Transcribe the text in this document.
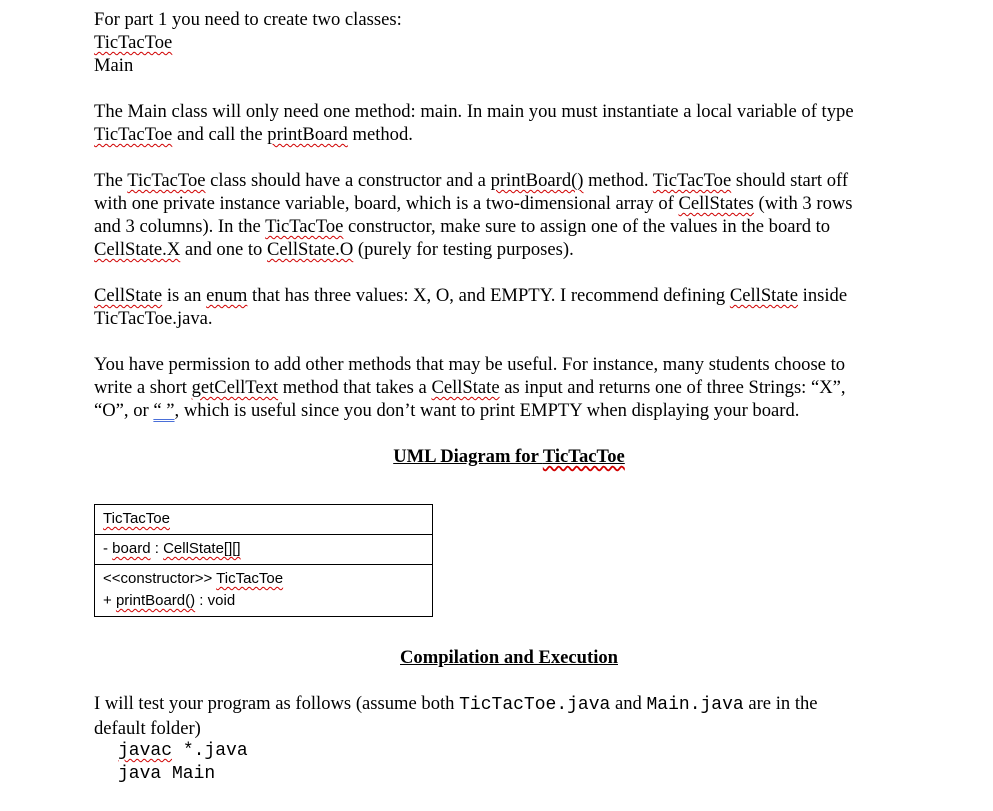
For part 1 you need to create two classes:

TicTacToe

Main

The Main class will only need one method: main. In main you must instantiate a local variable of type
TicTacToe and call the printBoard method.

The TicTacToe class should have a constructor and a printBoard() method. TicTacToe should start off
with one private instance variable, board, which is a two-dimensional array of CellStates (with 3 rows
and 3 columns). In the TicTacToe constructor, make sure to assign one of the values in the board to
CellState.X and one to CellState.O (purely for testing purposes).

CellState is an enum that has three values: X, O, and EMPTY. I recommend defining CellState inside
TicTacToe.java.

You have permission to add other methods that may be useful. For instance, many students choose to
write a short getCellText method that takes a CellState as input and returns one of three Strings: “X”,
“O”, or “ ”, which is useful since you don’t want to print EMPTY when displaying your board.

UML Diagram for TicTacToe

TicTacToe
- board : CellState[][]
<<constructor>> TicTacToe
+ printBoard() : void

Compilation and Execution

I will test your program as follows (assume both TicTacToe.java and Main.java are in the
default folder)

javac *.java
java Main
